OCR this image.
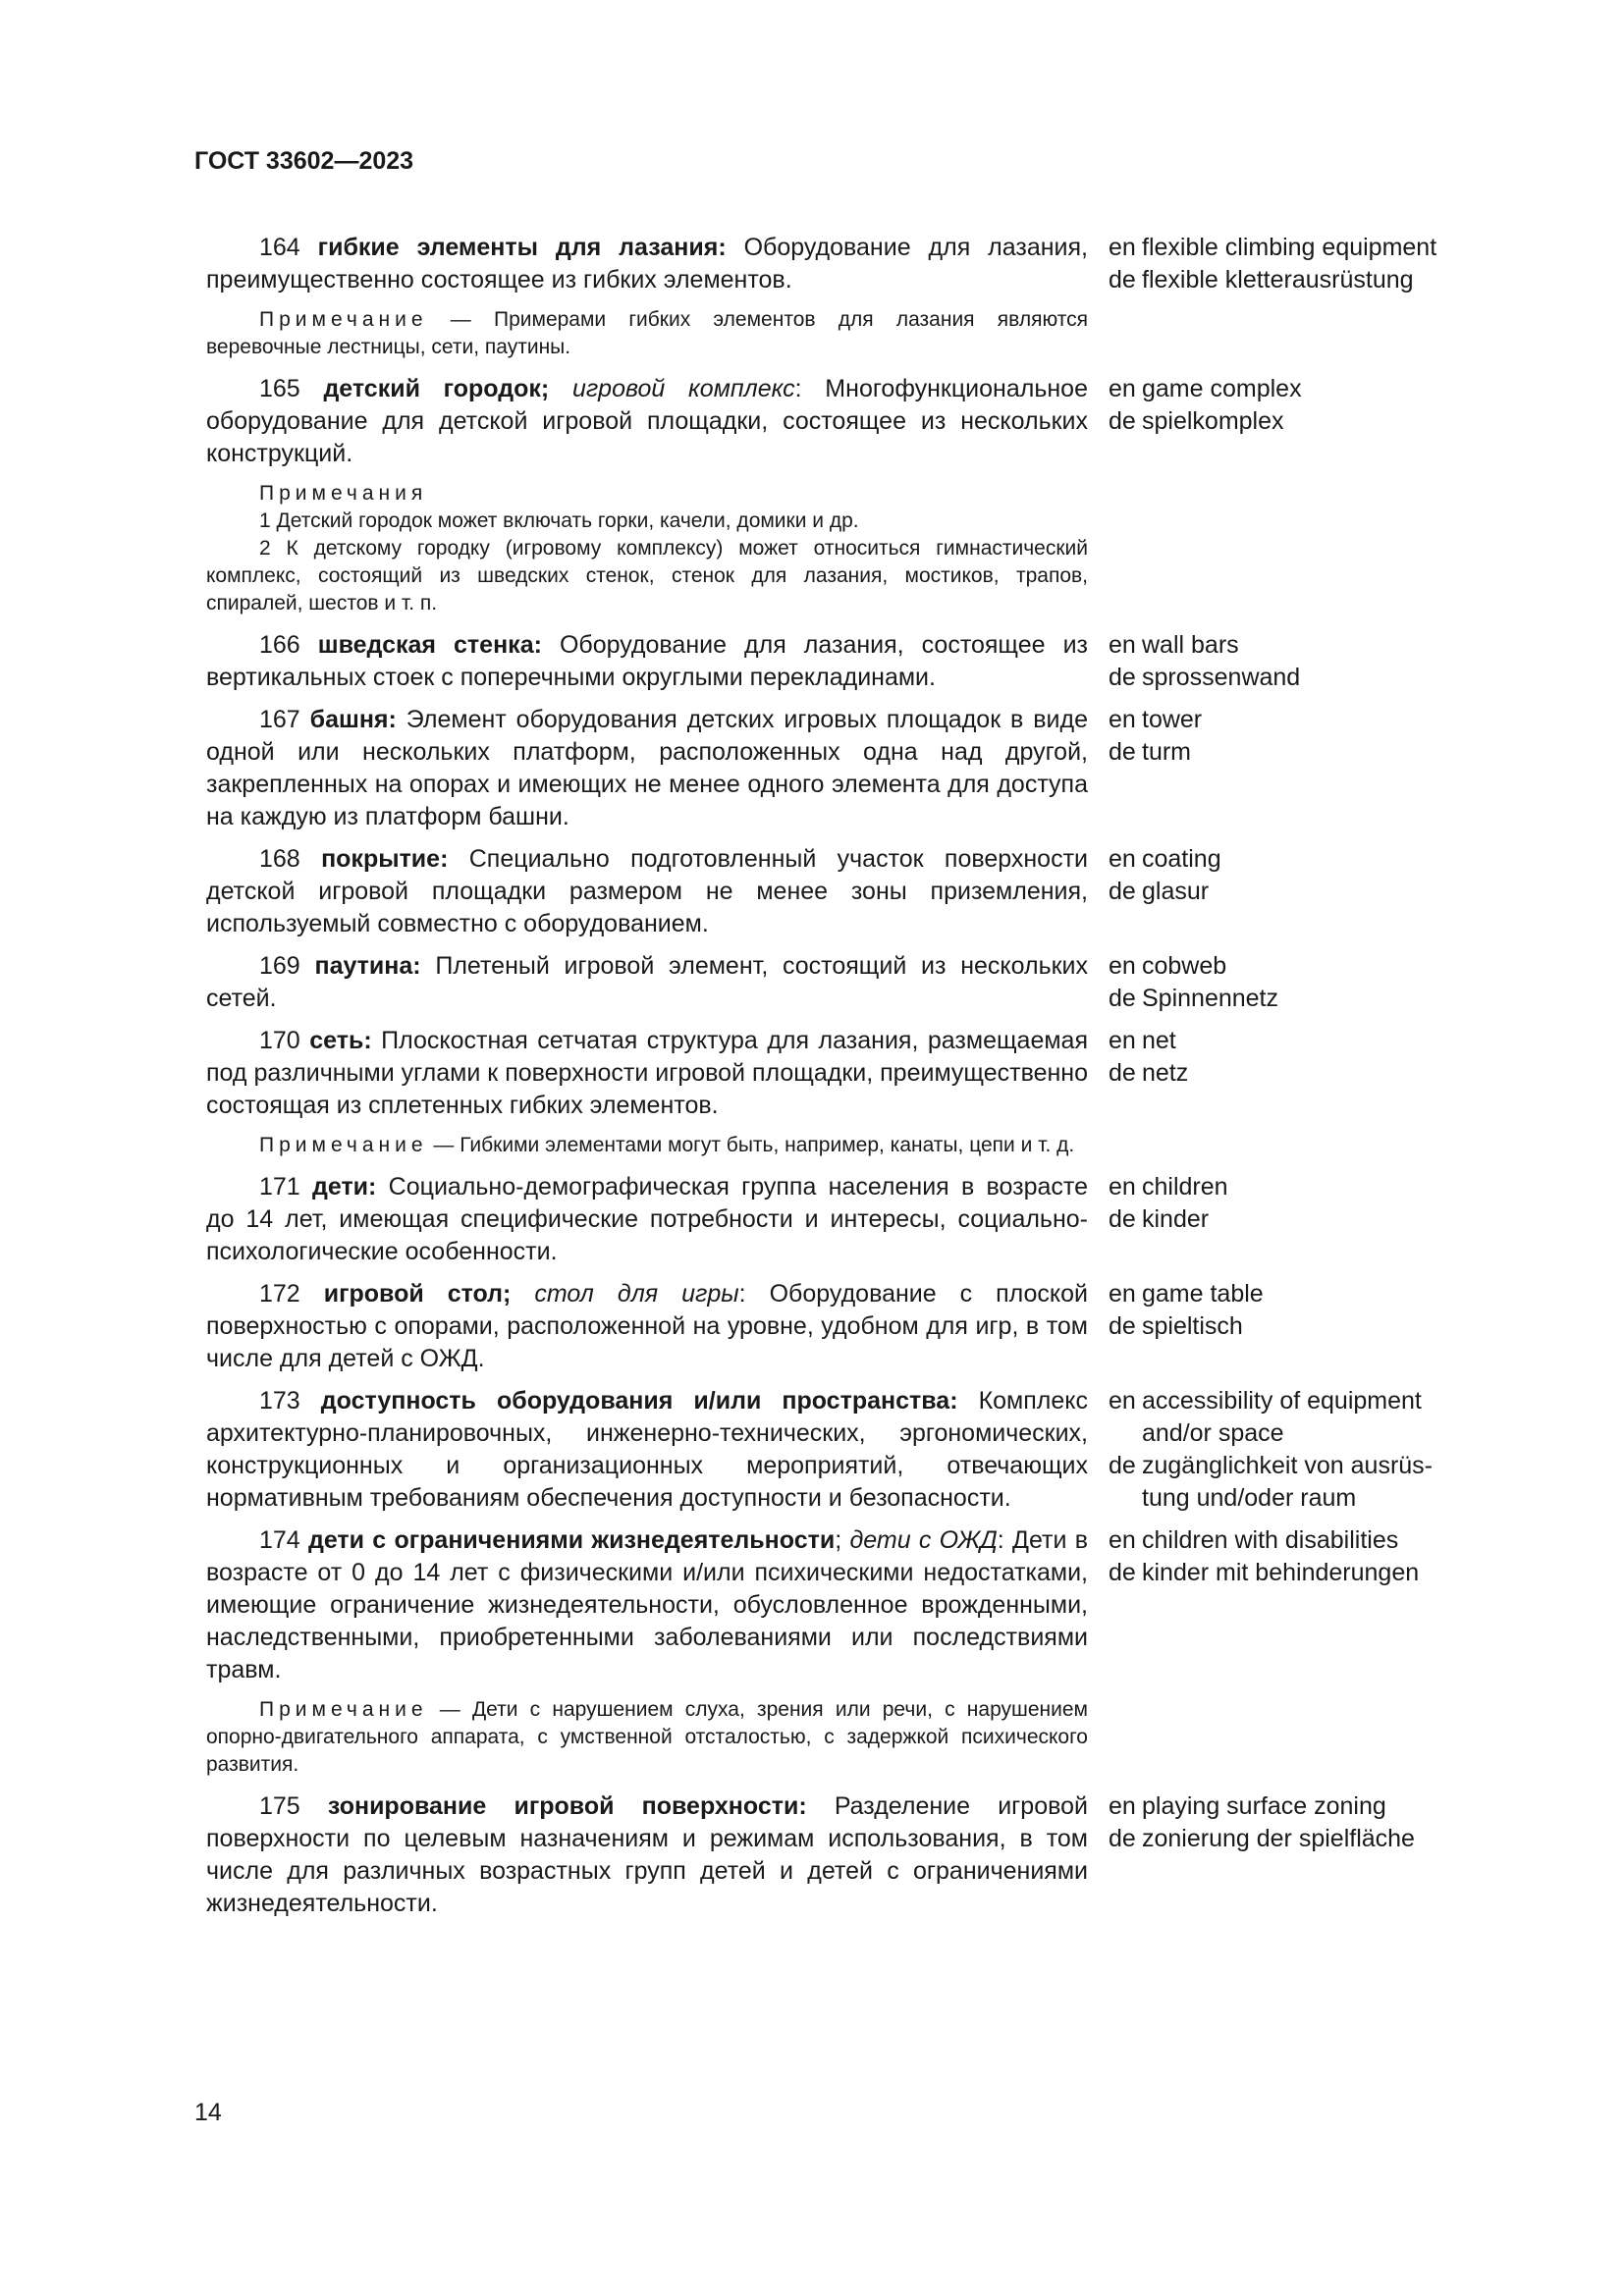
ГОСТ 33602—2023
164 гибкие элементы для лазания: Оборудование для лазания, преимущественно состоящее из гибких элементов.
en
de
flexible climbing equipment
flexible kletterausrüstung
Примечание — Примерами гибких элементов для лазания являются веревочные лестницы, сети, паутины.
165 детский городок; игровой комплекс: Многофункциональное оборудование для детской игровой площадки, состоящее из нескольких конструкций.
en
de
game complex
spielkomplex
Примечания
1 Детский городок может включать горки, качели, домики и др.
2 К детскому городку (игровому комплексу) может относиться гимнастический комплекс, состоящий из шведских стенок, стенок для лазания, мостиков, трапов, спиралей, шестов и т. п.
166 шведская стенка: Оборудование для лазания, состоящее из вертикальных стоек с поперечными округлыми перекладинами.
en
de
wall bars
sprossenwand
167 башня: Элемент оборудования детских игровых площадок в виде одной или нескольких платформ, расположенных одна над другой, закрепленных на опорах и имеющих не менее одного элемента для доступа на каждую из платформ башни.
en
de
tower
turm
168 покрытие: Специально подготовленный участок поверхности детской игровой площадки размером не менее зоны приземления, используемый совместно с оборудованием.
en
de
coating
glasur
169 паутина: Плетеный игровой элемент, состоящий из нескольких сетей.
en
de
cobweb
Spinnennetz
170 сеть: Плоскостная сетчатая структура для лазания, размещаемая под различными углами к поверхности игровой площадки, преимущественно состоящая из сплетенных гибких элементов.
en
de
net
netz
Примечание — Гибкими элементами могут быть, например, канаты, цепи и т. д.
171 дети: Социально-демографическая группа населения в возрасте до 14 лет, имеющая специфические потребности и интересы, социально-психологические особенности.
en
de
children
kinder
172 игровой стол; стол для игры: Оборудование с плоской поверхностью с опорами, расположенной на уровне, удобном для игр, в том числе для детей с ОЖД.
en
de
game table
spieltisch
173 доступность оборудования и/или пространства: Комплекс архитектурно-планировочных, инженерно-технических, эргономических, конструкционных и организационных мероприятий, отвечающих нормативным требованиям обеспечения доступности и безопасности.
en

de
accessibility of equipment
and/or space
zugänglichkeit von ausrüs-
tung und/oder raum
174 дети с ограничениями жизнедеятельности; дети с ОЖД: Дети в возрасте от 0 до 14 лет с физическими и/или психическими недостатками, имеющие ограничение жизнедеятельности, обусловленное врожденными, наследственными, приобретенными заболеваниями или последствиями травм.
en
de
children with disabilities
kinder mit behinderungen
Примечание — Дети с нарушением слуха, зрения или речи, с нарушением опорно-двигательного аппарата, с умственной отсталостью, с задержкой психического развития.
175 зонирование игровой поверхности: Разделение игровой поверхности по целевым назначениям и режимам использования, в том числе для различных возрастных групп детей и детей с ограничениями жизнедеятельности.
en
de
playing surface zoning
zonierung der spielfläche
14
